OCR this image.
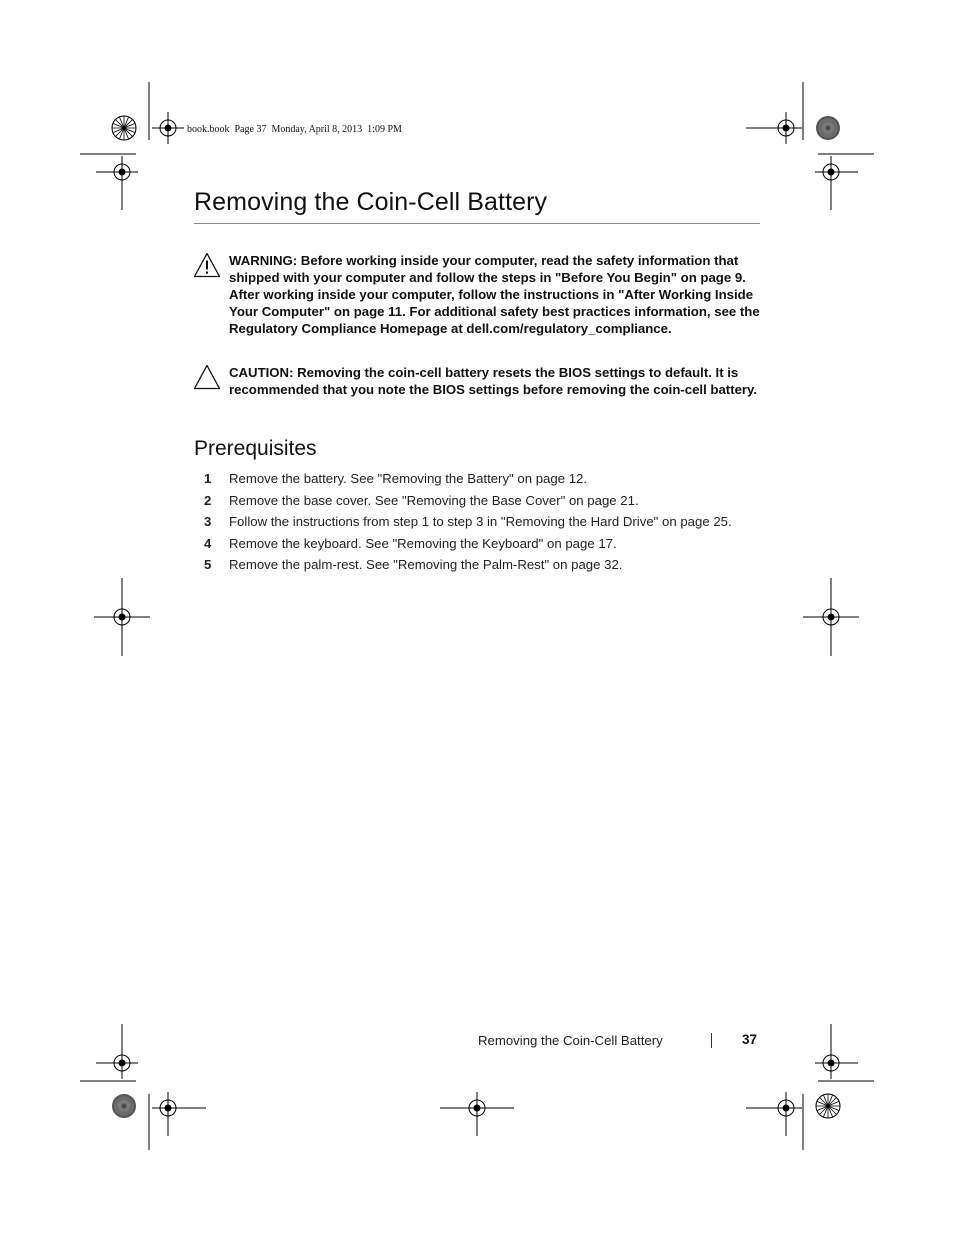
book.book  Page 37  Monday, April 8, 2013  1:09 PM
Removing the Coin-Cell Battery
WARNING: Before working inside your computer, read the safety information that shipped with your computer and follow the steps in "Before You Begin" on page 9. After working inside your computer, follow the instructions in "After Working Inside Your Computer" on page 11. For additional safety best practices information, see the Regulatory Compliance Homepage at dell.com/regulatory_compliance.
CAUTION: Removing the coin-cell battery resets the BIOS settings to default. It is recommended that you note the BIOS settings before removing the coin-cell battery.
Prerequisites
1 Remove the battery. See "Removing the Battery" on page 12.
2 Remove the base cover. See "Removing the Base Cover" on page 21.
3 Follow the instructions from step 1 to step 3 in "Removing the Hard Drive" on page 25.
4 Remove the keyboard. See "Removing the Keyboard" on page 17.
5 Remove the palm-rest. See "Removing the Palm-Rest" on page 32.
Removing the Coin-Cell Battery	37
